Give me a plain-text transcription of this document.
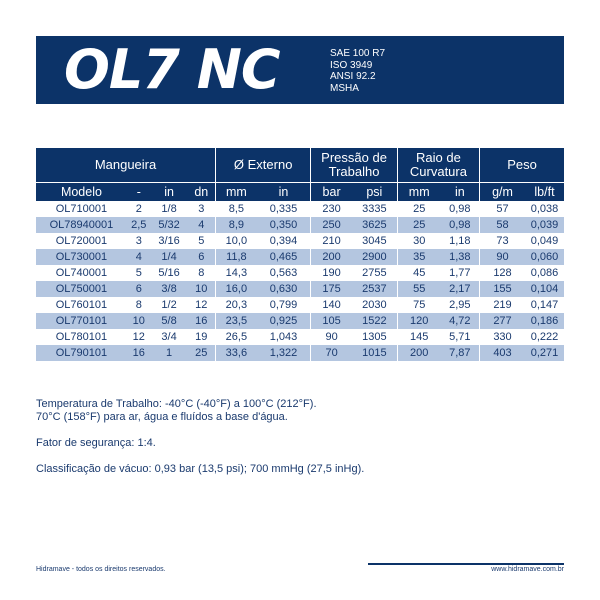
OL7 NC	SAE 100 R7
ISO 3949
ANSI 92.2
MSHA
Mangueira				Ø Externo		Pressão de Trabalho		Raio de Curvatura		Peso	
Modelo	-	in	dn	mm	in	bar	psi	mm	in	g/m	lb/ft
OL710001	2	1/8	3	8,5	0,335	230	3335	25	0,98	57	0,038
OL78940001	2,5	5/32	4	8,9	0,350	250	3625	25	0,98	58	0,039
OL720001	3	3/16	5	10,0	0,394	210	3045	30	1,18	73	0,049
OL730001	4	1/4	6	11,8	0,465	200	2900	35	1,38	90	0,060
OL740001	5	5/16	8	14,3	0,563	190	2755	45	1,77	128	0,086
OL750001	6	3/8	10	16,0	0,630	175	2537	55	2,17	155	0,104
OL760101	8	1/2	12	20,3	0,799	140	2030	75	2,95	219	0,147
OL770101	10	5/8	16	23,5	0,925	105	1522	120	4,72	277	0,186
OL780101	12	3/4	19	26,5	1,043	90	1305	145	5,71	330	0,222
OL790101	16	1	25	33,6	1,322	70	1015	200	7,87	403	0,271

Temperatura de Trabalho: -40°C (-40°F) a 100°C (212°F).

70°C (158°F) para ar, água e fluídos a base d'água.

Fator de segurança: 1:4.

Classificação de vácuo: 0,93 bar (13,5 psi); 700 mmHg (27,5 inHg).

Hidramave - todos os direitos reservados.	www.hidramave.com.br
